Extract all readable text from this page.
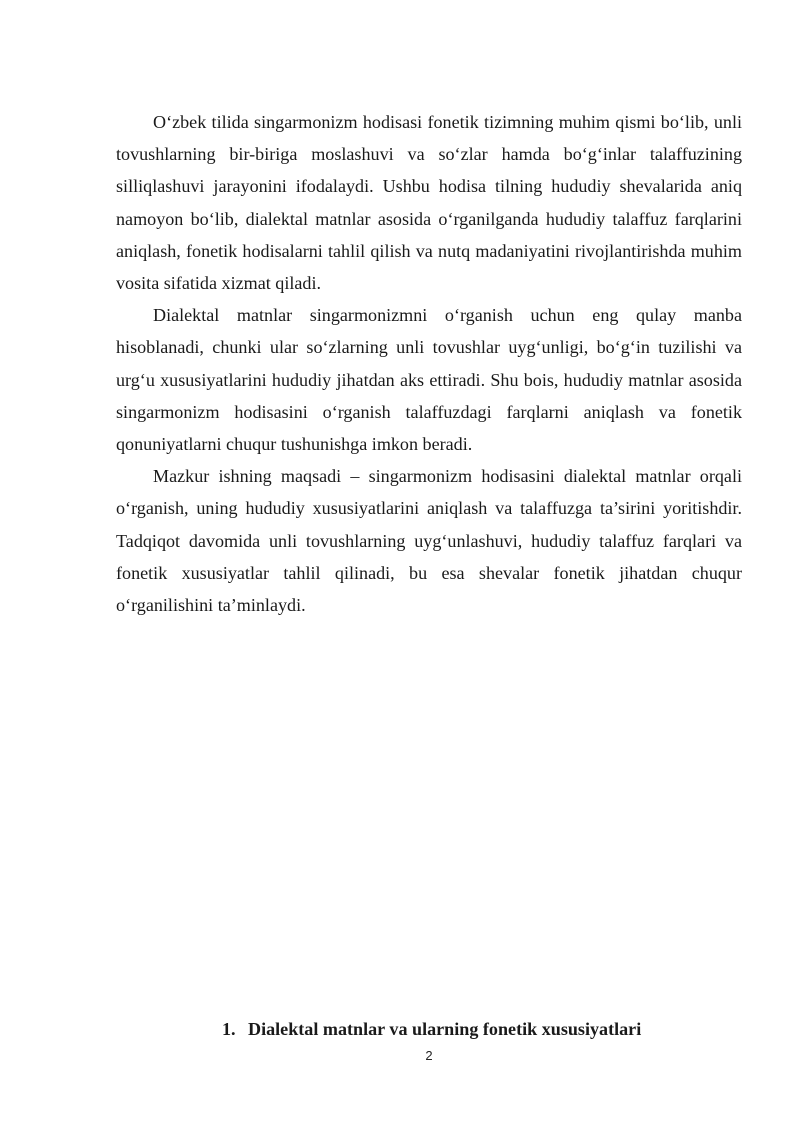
O‘zbek tilida singarmonizm hodisasi fonetik tizimning muhim qismi bo‘lib, unli tovushlarning bir-biriga moslashuvi va so‘zlar hamda bo‘g‘inlar talaffuzining silliqlashuvi jarayonini ifodalaydi. Ushbu hodisa tilning hududiy shevalarida aniq namoyon bo‘lib, dialektal matnlar asosida o‘rganilganda hududiy talaffuz farqlarini aniqlash, fonetik hodisalarni tahlil qilish va nutq madaniyatini rivojlantirishda muhim vosita sifatida xizmat qiladi.

Dialektal matnlar singarmonizmni o‘rganish uchun eng qulay manba hisoblanadi, chunki ular so‘zlarning unli tovushlar uyg‘unligi, bo‘g‘in tuzilishi va urg‘u xususiyatlarini hududiy jihatdan aks ettiradi. Shu bois, hududiy matnlar asosida singarmonizm hodisasini o‘rganish talaffuzdagi farqlarni aniqlash va fonetik qonuniyatlarni chuqur tushunishga imkon beradi.

Mazkur ishning maqsadi – singarmonizm hodisasini dialektal matnlar orqali o‘rganish, uning hududiy xususiyatlarini aniqlash va talaffuzga ta’sirini yoritishdir. Tadqiqot davomida unli tovushlarning uyg‘unlashuvi, hududiy talaffuz farqlari va fonetik xususiyatlar tahlil qilinadi, bu esa shevalar fonetik jihatdan chuqur o‘rganilishini ta’minlaydi.

1. Dialektal matnlar va ularning fonetik xususiyatlari
2
